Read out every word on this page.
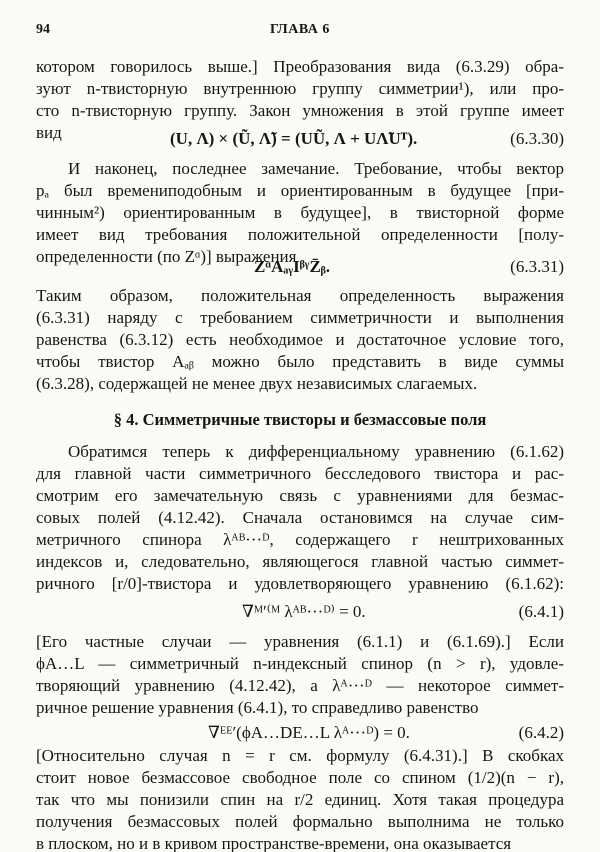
94	ГЛАВА 6
котором говорилось выше.] Преобразования вида (6.3.29) обра-
зуют n-твисторную внутреннюю группу симметрии¹), или про-
сто n-твисторную группу. Закон умножения в этой группе имеет
вид	(U, Λ) × (Ũ, Λ̃) = (UŨ, Λ + UΛ̃Uᵀ).	(6.3.30)
И наконец, последнее замечание. Требование, чтобы вектор
pₐ был времениподобным и ориентированным в будущее [при-
чинным²) ориентированным в будущее], в твисторной форме
имеет вид требования положительной определенности [полу-
определенности (по Zᵅ)] выражения
ZᵅAₐᵧIᵝᵞZ̄ᵦ.	(6.3.31)
Таким образом, положительная определенность выражения
(6.3.31) наряду с требованием симметричности и выполнения
равенства (6.3.12) есть необходимое и достаточное условие того,
чтобы твистор Aₐᵦ можно было представить в виде суммы
(6.3.28), содержащей не менее двух независимых слагаемых.
§ 4. Симметричные твисторы и безмассовые поля
Обратимся теперь к дифференциальному уравнению (6.1.62)
для главной части симметричного бесследового твистора и рас-
смотрим его замечательную связь с уравнениями для безмас-
совых полей (4.12.42). Сначала остановимся на случае сим-
метричного спинора λᴬᴮ···ᴰ, содержащего r нештрихованных
индексов и, следовательно, являющегося главной частью симмет-
ричного [r/0]-твистора и удовлетворяющего уравнению (6.1.62):
∇ᴹ′⁽ᴹ λᴬᴮ···ᴰ⁾ = 0.	(6.4.1)
[Его частные случаи — уравнения (6.1.1) и (6.1.69).] Если
ϕA…L — симметричный n-индексный спинор (n > r), удовле-
творяющий уравнению (4.12.42), а λᴬ···ᴰ — некоторое симмет-
ричное решение уравнения (6.4.1), то справедливо равенство
∇ᴱᴱ′(ϕA…DE…L λᴬ···ᴰ) = 0.	(6.4.2)
[Относительно случая n = r см. формулу (6.4.31).] В скобках
стоит новое безмассовое свободное поле со спином (1/2)(n − r),
так что мы понизили спин на r/2 единиц. Хотя такая процедура
получения безмассовых полей формально выполнима не только
в плоском, но и в кривом пространстве-времени, она оказывается
